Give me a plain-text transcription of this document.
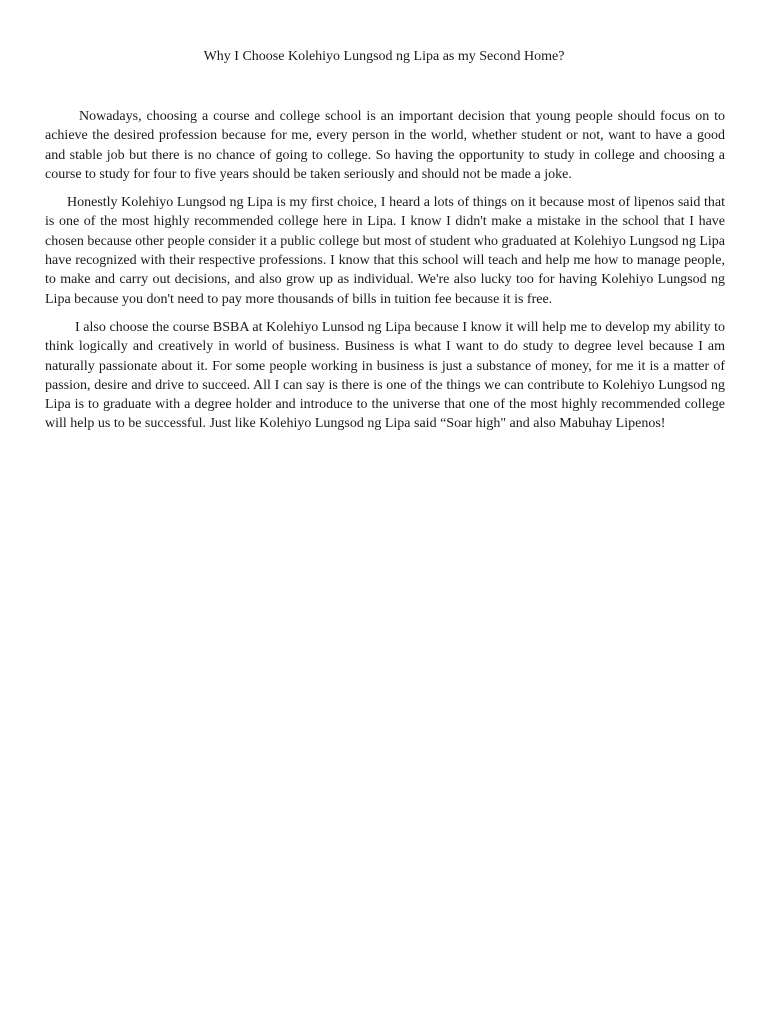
Why I Choose Kolehiyo Lungsod ng Lipa as my Second Home?

Nowadays, choosing a course and college school is an important decision that young people should focus on to achieve the desired profession because for me, every person in the world, whether student or not, want to have a good and stable job but there is no chance of going to college. So having the opportunity to study in college and choosing a course to study for four to five years should be taken seriously and should not be made a joke.

Honestly Kolehiyo Lungsod ng Lipa is my first choice, I heard a lots of things on it because most of lipenos said that is one of the most highly recommended college here in Lipa. I know I didn't make a mistake in the school that I have chosen because other people consider it a public college but most of student who graduated at Kolehiyo Lungsod ng Lipa have recognized with their respective professions. I know that this school will teach and help me how to manage people, to make and carry out decisions, and also grow up as individual. We're also lucky too for having Kolehiyo Lungsod ng Lipa because you don't need to pay more thousands of bills in tuition fee because it is free.

I also choose the course BSBA at Kolehiyo Lunsod ng Lipa because I know it will help me to develop my ability to think logically and creatively in world of business. Business is what I want to do study to degree level because I am naturally passionate about it. For some people working in business is just a substance of money, for me it is a matter of passion, desire and drive to succeed. All I can say is there is one of the things we can contribute to Kolehiyo Lungsod ng Lipa is to graduate with a degree holder and introduce to the universe that one of the most highly recommended college will help us to be successful. Just like Kolehiyo Lungsod ng Lipa said “Soar high" and also Mabuhay Lipenos!
